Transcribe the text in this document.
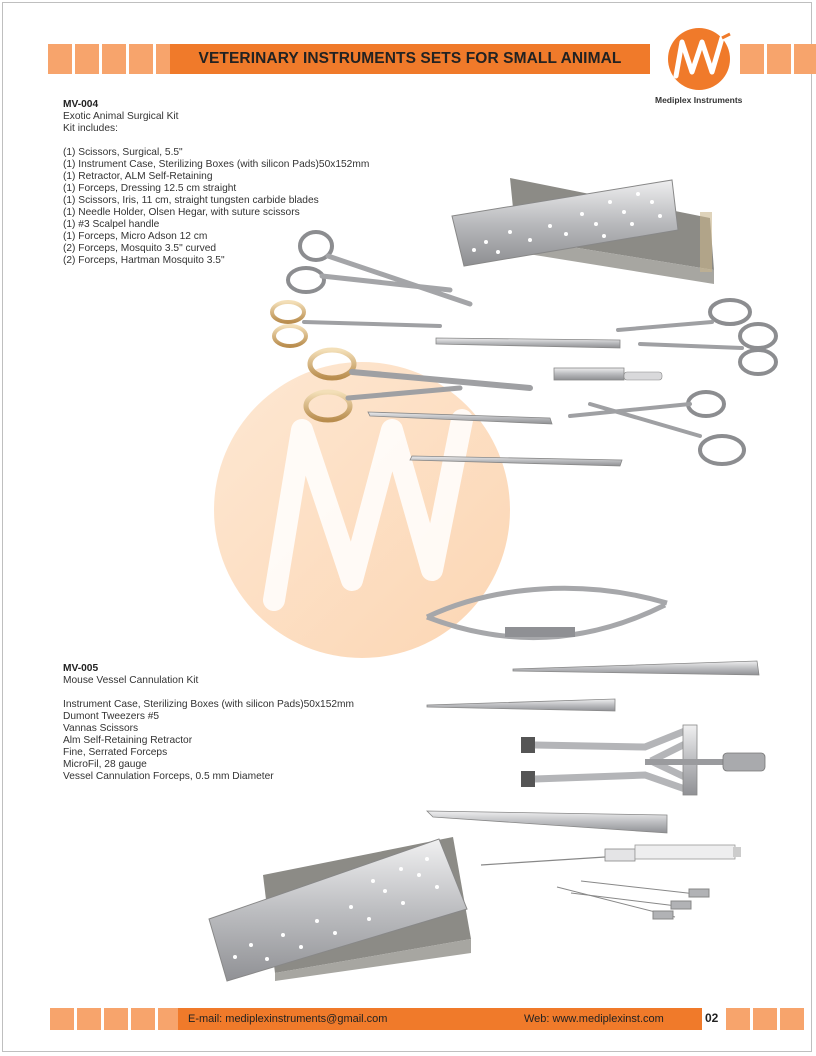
VETERINARY INSTRUMENTS SETS FOR SMALL ANIMAL
Mediplex Instruments
MV-004
Exotic Animal Surgical Kit
Kit includes:
(1) Scissors, Surgical, 5.5"
(1) Instrument Case, Sterilizing Boxes (with silicon Pads)50x152mm
(1) Retractor, ALM Self-Retaining
(1) Forceps, Dressing 12.5 cm straight
(1) Scissors, Iris, 11 cm, straight tungsten carbide blades
(1) Needle Holder, Olsen Hegar, with suture scissors
(1) #3 Scalpel handle
(1) Forceps, Micro Adson 12 cm
(2) Forceps, Mosquito 3.5" curved
(2) Forceps, Hartman Mosquito 3.5"
MV-005
Mouse Vessel Cannulation Kit
Instrument Case, Sterilizing Boxes (with silicon Pads)50x152mm
Dumont Tweezers #5
Vannas Scissors
Alm Self-Retaining Retractor
Fine, Serrated Forceps
MicroFil, 28 gauge
Vessel Cannulation Forceps, 0.5 mm Diameter
E-mail: mediplexinstruments@gmail.com	Web: www.mediplexinst.com	02
